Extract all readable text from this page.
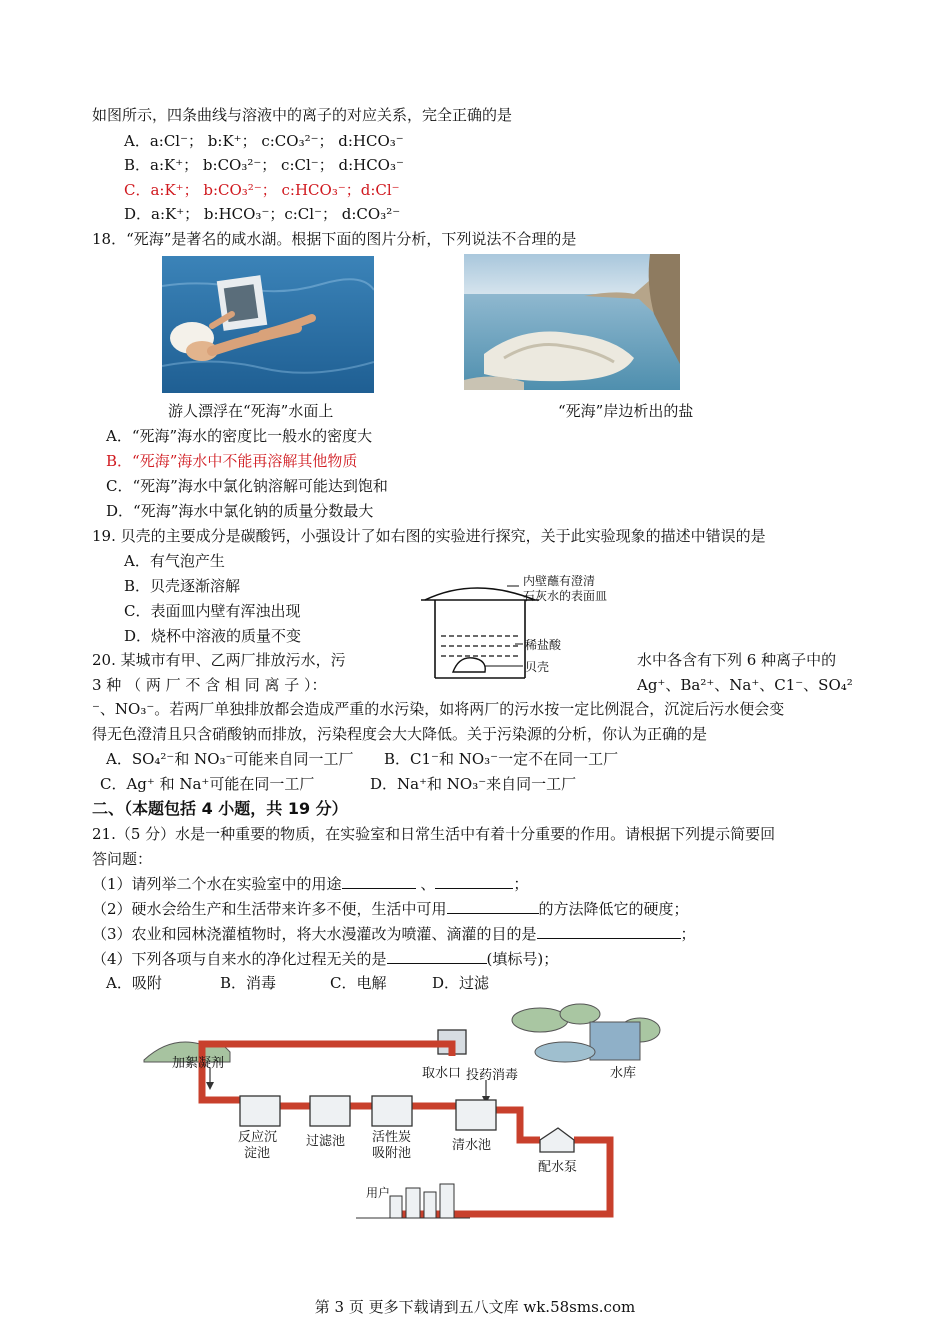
如图所示，四条曲线与溶液中的离子的对应关系，完全正确的是
A．a:Cl⁻； b:K⁺； c:CO₃²⁻； d:HCO₃⁻
B．a:K⁺； b:CO₃²⁻； c:Cl⁻； d:HCO₃⁻
C．a:K⁺； b:CO₃²⁻； c:HCO₃⁻；d:Cl⁻
D．a:K⁺； b:HCO₃⁻；c:Cl⁻； d:CO₃²⁻
18．“死海”是著名的咸水湖。根据下面的图片分析，下列说法不合理的是
游人漂浮在“死海”水面上	“死海”岸边析出的盐
A．“死海”海水的密度比一般水的密度大
B．“死海”海水中不能再溶解其他物质
C．“死海”海水中氯化钠溶解可能达到饱和
D．“死海”海水中氯化钠的质量分数最大
19. 贝壳的主要成分是碳酸钙，小强设计了如右图的实验进行探究，关于此实验现象的描述中错误的是
A．有气泡产生
B．贝壳逐渐溶解
C．表面皿内壁有浑浊出现
D．烧杯中溶液的质量不变
内壁蘸有澄清
石灰水的表面皿
稀盐酸
贝壳
20. 某城市有甲、乙两厂排放污水，污	水中各含有下列 6 种离子中的
3 种 （ 两 厂 不 含 相 同 离 子 ）：	Ag⁺、Ba²⁺、Na⁺、C1⁻、SO₄²
⁻、NO₃⁻。若两厂单独排放都会造成严重的水污染，如将两厂的污水按一定比例混合，沉淀后污水便会变
得无色澄清且只含硝酸钠而排放，污染程度会大大降低。关于污染源的分析，你认为正确的是
A．SO₄²⁻和 NO₃⁻可能来自同一工厂 B．C1⁻和 NO₃⁻一定不在同一工厂
C．Ag⁺ 和 Na⁺可能在同一工厂	D．Na⁺和 NO₃⁻来自同一工厂
二、（本题包括 4 小题，共 19 分）
21.（5 分）水是一种重要的物质，在实验室和日常生活中有着十分重要的作用。请根据下列提示简要回
答问题：
（1）请列举二个水在实验室中的用途	、	；
（2）硬水会给生产和生活带来许多不便，生活中可用	的方法降低它的硬度；
（3）农业和园林浇灌植物时，将大水漫灌改为喷灌、滴灌的目的是	；
（4）下列各项与自来水的净化过程无关的是	(填标号)；
A．吸附	B．消毒	C．电解	D．过滤
取水口	水库
加絮凝剂
投药消毒
反应沉
淀池
过滤池 活性炭
吸附池
清水池
配水泵
用户
第 3 页 更多下载请到五八文库 wk.58sms.com
